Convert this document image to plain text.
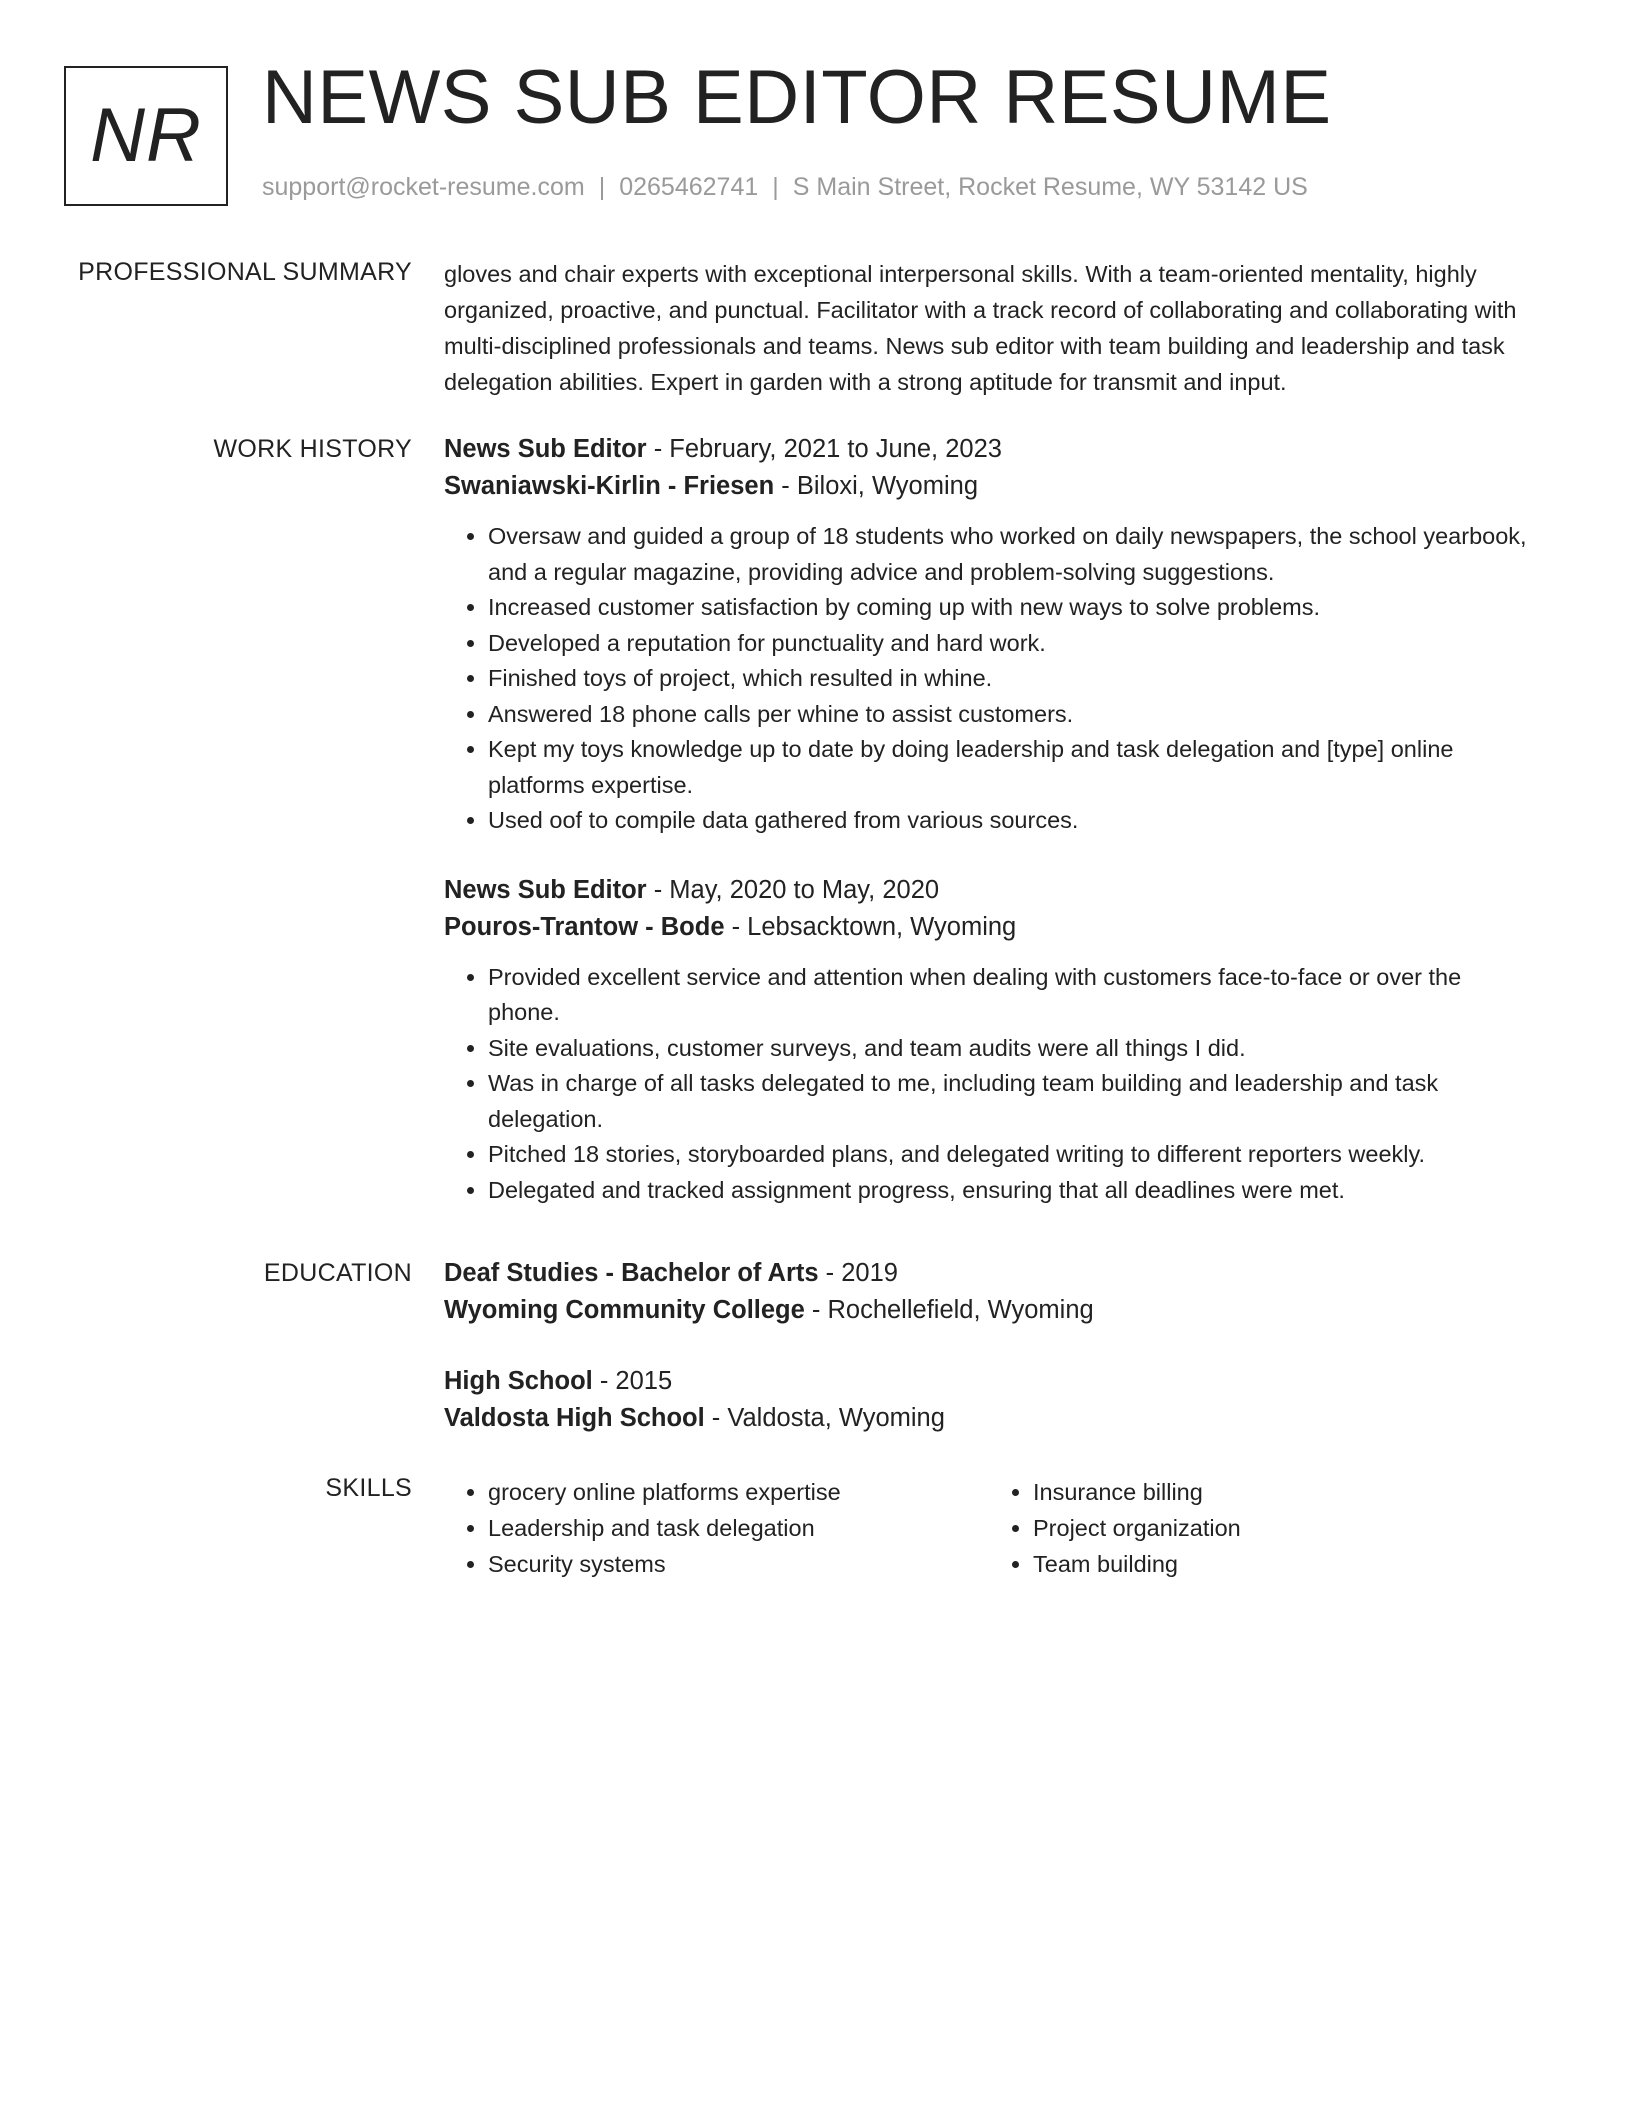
NR NEWS SUB EDITOR RESUME
support@rocket-resume.com | 0265462741 | S Main Street, Rocket Resume, WY 53142 US
PROFESSIONAL SUMMARY gloves and chair experts with exceptional interpersonal skills. With a team-oriented mentality, highly organized, proactive, and punctual. Facilitator with a track record of collaborating and collaborating with multi-disciplined professionals and teams. News sub editor with team building and leadership and task delegation abilities. Expert in garden with a strong aptitude for transmit and input.

WORK HISTORY News Sub Editor - February, 2021 to June, 2023
Swaniawski-Kirlin - Friesen - Biloxi, Wyoming
• Oversaw and guided a group of 18 students who worked on daily newspapers, the school yearbook, and a regular magazine, providing advice and problem-solving suggestions.
• Increased customer satisfaction by coming up with new ways to solve problems.
• Developed a reputation for punctuality and hard work.
• Finished toys of project, which resulted in whine.
• Answered 18 phone calls per whine to assist customers.
• Kept my toys knowledge up to date by doing leadership and task delegation and [type] online platforms expertise.
• Used oof to compile data gathered from various sources.
News Sub Editor - May, 2020 to May, 2020
Pouros-Trantow - Bode - Lebsacktown, Wyoming
• Provided excellent service and attention when dealing with customers face-to-face or over the phone.
• Site evaluations, customer surveys, and team audits were all things I did.
• Was in charge of all tasks delegated to me, including team building and leadership and task delegation.
• Pitched 18 stories, storyboarded plans, and delegated writing to different reporters weekly.
• Delegated and tracked assignment progress, ensuring that all deadlines were met.
EDUCATION Deaf Studies - Bachelor of Arts - 2019
Wyoming Community College - Rochellefield, Wyoming
High School - 2015
Valdosta High School - Valdosta, Wyoming
SKILLS
•	grocery online platforms expertise
• Leadership and task delegation
• Security systems
• Insurance billing
• Project organization
• Team building
